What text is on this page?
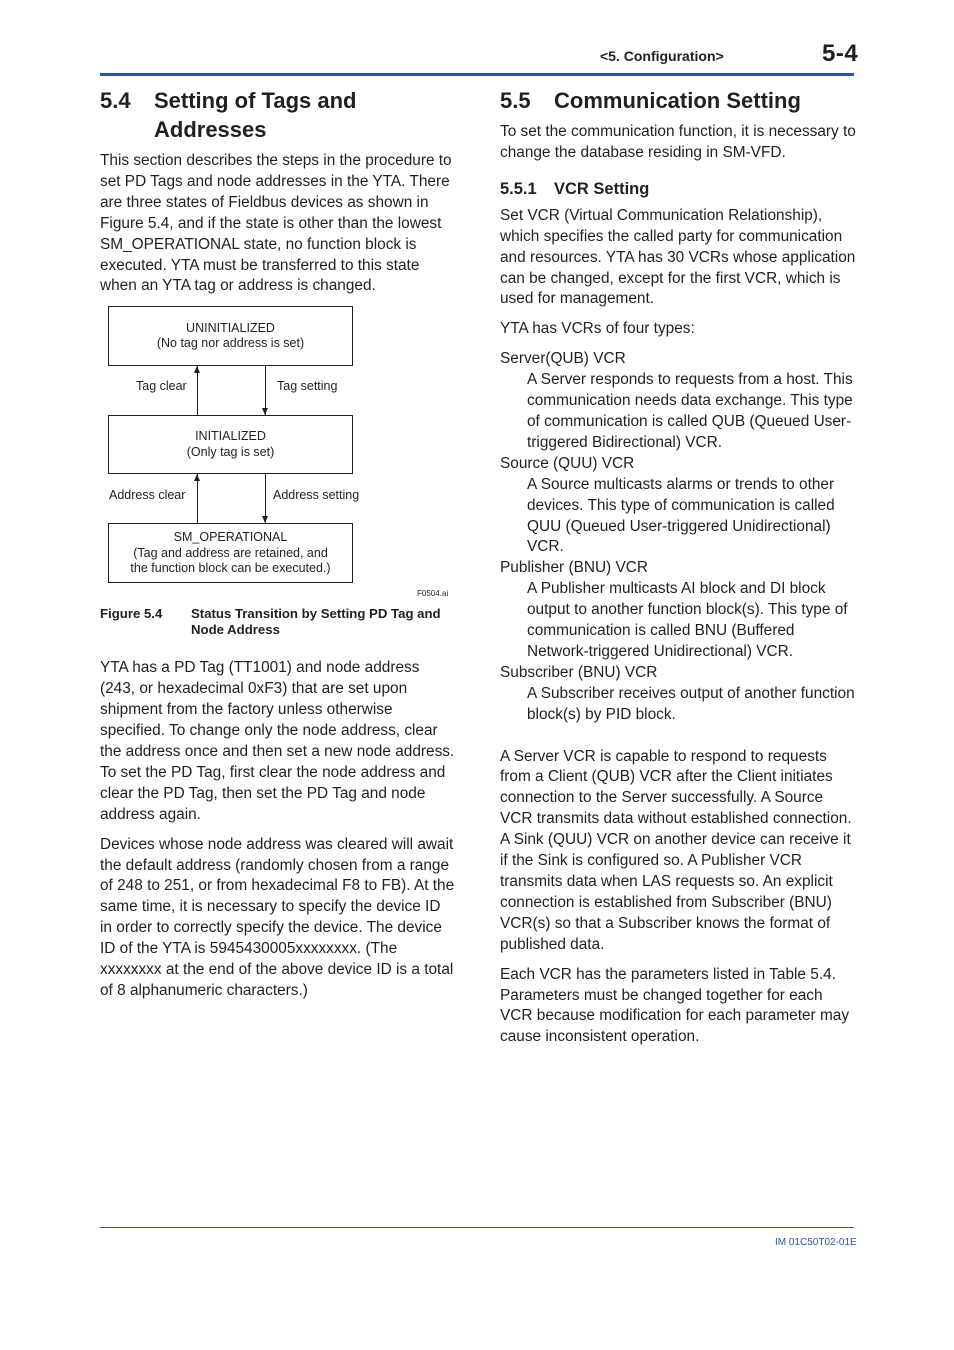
<5. Configuration>	5-4
5.4	Setting of Tags and Addresses

This section describes the steps in the procedure to set PD Tags and node addresses in the YTA. There are three states of Fieldbus devices as shown in Figure 5.4, and if the state is other than the lowest SM_OPERATIONAL state, no function block is executed. YTA must be transferred to this state when an YTA tag or address is changed.

UNINITIALIZED
(No tag nor address is set)
Tag clear	Tag setting
INITIALIZED
(Only tag is set)
Address clear	Address setting
SM_OPERATIONAL
(Tag and address are retained, and
the function block can be executed.)
F0504.ai
Figure 5.4	Status Transition by Setting PD Tag and Node Address

YTA has a PD Tag (TT1001) and node address (243, or hexadecimal 0xF3) that are set upon shipment from the factory unless otherwise specified. To change only the node address, clear the address once and then set a new node address. To set the PD Tag, first clear the node address and clear the PD Tag, then set the PD Tag and node address again.

Devices whose node address was cleared will await the default address (randomly chosen from a range of 248 to 251, or from hexadecimal F8 to FB). At the same time, it is necessary to specify the device ID in order to correctly specify the device. The device ID of the YTA is 5945430005xxxxxxxx. (The xxxxxxxx at the end of the above device ID is a total of 8 alphanumeric characters.)

5.5	Communication Setting

To set the communication function, it is necessary to change the database residing in SM-VFD.

5.5.1	VCR Setting

Set VCR (Virtual Communication Relationship), which specifies the called party for communication and resources. YTA has 30 VCRs whose application can be changed, except for the first VCR, which is used for management.

YTA has VCRs of four types:

Server(QUB) VCR
A Server responds to requests from a host. This communication needs data exchange. This type of communication is called QUB (Queued User-triggered Bidirectional) VCR.
Source (QUU) VCR
A Source multicasts alarms or trends to other devices. This type of communication is called QUU (Queued User-triggered Unidirectional) VCR.
Publisher (BNU) VCR
A Publisher multicasts AI block and DI block output to another function block(s). This type of communication is called BNU (Buffered Network-triggered Unidirectional) VCR.
Subscriber (BNU) VCR
A Subscriber receives output of another function block(s) by PID block.

A Server VCR is capable to respond to requests from a Client (QUB) VCR after the Client initiates connection to the Server successfully. A Source VCR transmits data without established connection. A Sink (QUU) VCR on another device can receive it if the Sink is configured so. A Publisher VCR transmits data when LAS requests so. An explicit connection is established from Subscriber (BNU) VCR(s) so that a Subscriber knows the format of published data.

Each VCR has the parameters listed in Table 5.4. Parameters must be changed together for each VCR because modification for each parameter may cause inconsistent operation.

IM 01C50T02-01E
